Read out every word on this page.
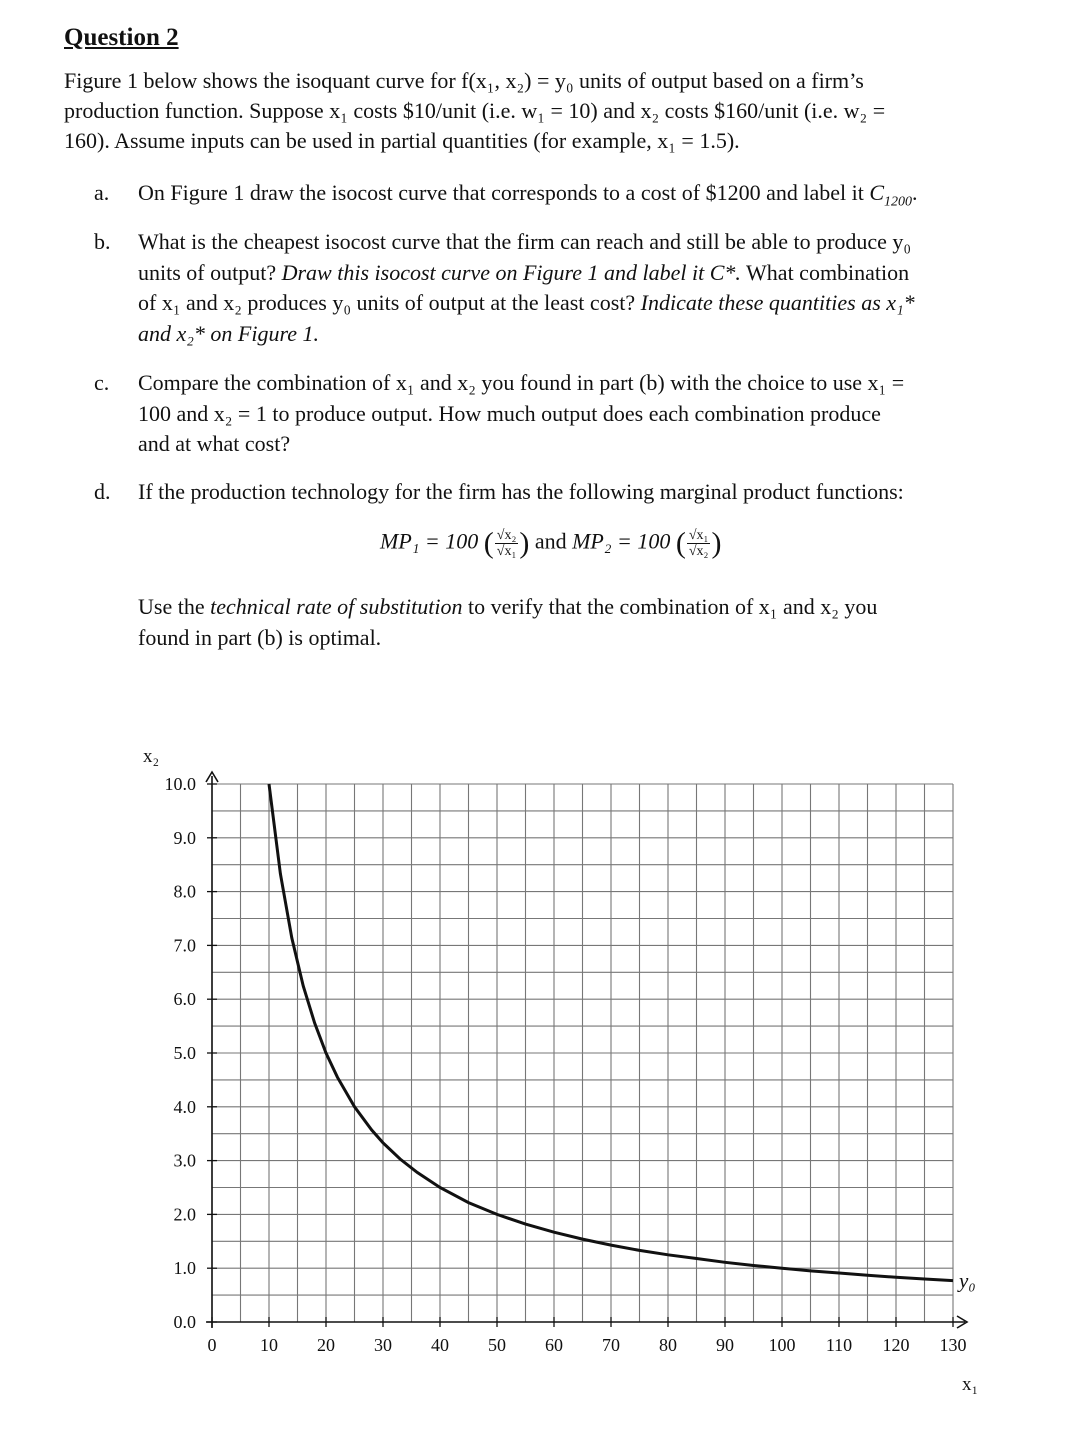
Question 2
Figure 1 below shows the isoquant curve for f(x₁, x₂) = y₀ units of output based on a firm’s
production function. Suppose x₁ costs $10/unit (i.e. w₁ = 10) and x₂ costs $160/unit (i.e. w₂ =
160). Assume inputs can be used in partial quantities (for example, x₁ = 1.5).
a.	On Figure 1 draw the isocost curve that corresponds to a cost of $1200 and label it $C_{1200}$.
b.	What is the cheapest isocost curve that the firm can reach and still be able to produce y₀
units of output? Draw this isocost curve on Figure 1 and label it C*. What combination
of x₁ and x₂ produces y₀ units of output at the least cost? Indicate these quantities as x₁*
and x₂* on Figure 1.
c.	Compare the combination of x₁ and x₂ you found in part (b) with the choice to use x₁ =
100 and x₂ = 1 to produce output. How much output does each combination produce
and at what cost?
d.	If the production technology for the firm has the following marginal product functions:
MP₁ = 100 ( $\frac{\text{√x₂}}{\text{√x₁}}$ ) and MP₂ = 100 ( $\frac{\text{√x₁}}{\text{√x₂}}$ )
Use the technical rate of substitution to verify that the combination of x₁ and x₂ you
found in part (b) is optimal.
0.0
1.0
2.0
3.0
4.0
5.0
6.0
7.0
8.0
9.0
10.0
0 10 20 30 40 50 60 70 80 90 100 110 120 130
y₀
x₂
x₁
